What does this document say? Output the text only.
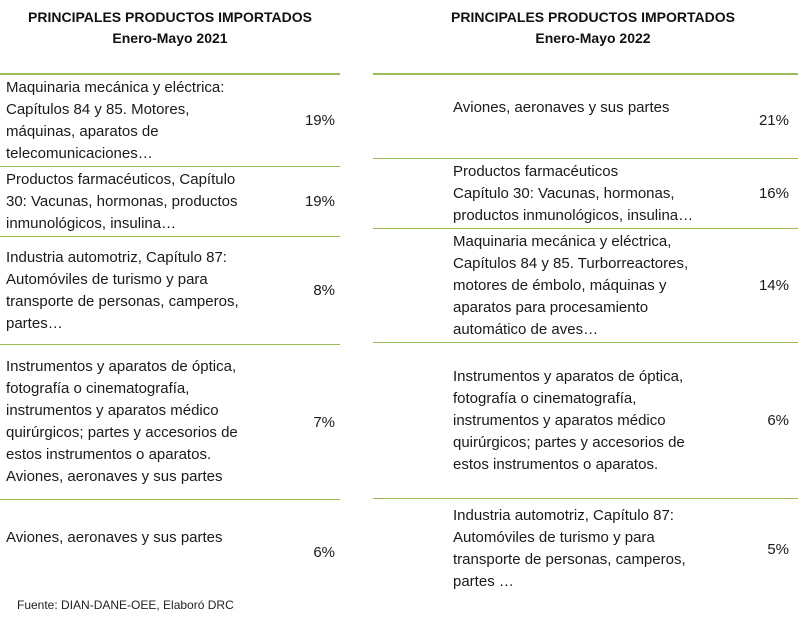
PRINCIPALES PRODUCTOS IMPORTADOS
Enero-Mayo 2021
Maquinaria mecánica y eléctrica:
Capítulos 84 y 85. Motores,
máquinas, aparatos de
telecomunicaciones…
19%
Productos farmacéuticos, Capítulo
30: Vacunas, hormonas, productos
inmunológicos, insulina…
19%
Industria automotriz, Capítulo 87:
Automóviles de turismo y para
transporte de personas, camperos,
partes…
8%
Instrumentos y aparatos de óptica,
fotografía o cinematografía,
instrumentos y aparatos médico
quirúrgicos; partes y accesorios de
estos instrumentos o aparatos.
Aviones, aeronaves y sus partes
7%
Aviones, aeronaves y sus partes
6%
PRINCIPALES PRODUCTOS IMPORTADOS
Enero-Mayo 2022
Aviones, aeronaves y sus partes
21%
Productos farmacéuticos
Capítulo 30: Vacunas, hormonas,
productos inmunológicos, insulina…
16%
Maquinaria mecánica y eléctrica,
Capítulos 84 y 85. Turborreactores,
motores de émbolo, máquinas y
aparatos para procesamiento
automático de aves…
14%
Instrumentos y aparatos de óptica,
fotografía o cinematografía,
instrumentos y aparatos médico
quirúrgicos; partes y accesorios de
estos instrumentos o aparatos.
6%
Industria automotriz, Capítulo 87:
Automóviles de turismo y para
transporte de personas, camperos,
partes …
5%
Fuente: DIAN-DANE-OEE, Elaboró DRC
